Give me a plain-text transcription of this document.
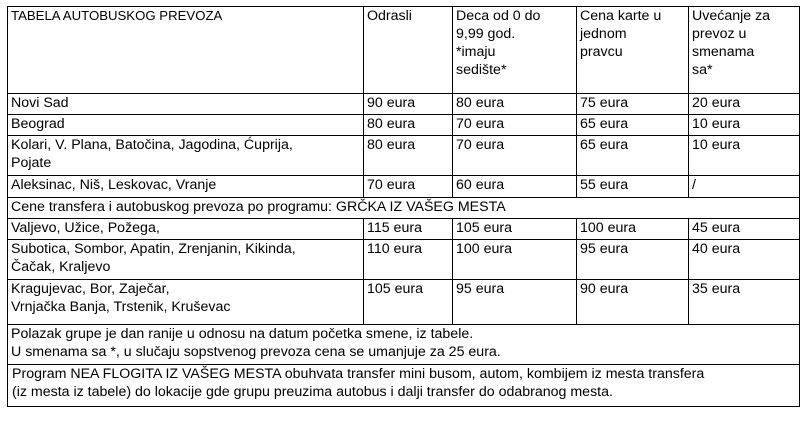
TABELA AUTOBUSKOG PREVOZA	Odrasli	Deca od 0 do
9,99 god.
*imaju
sedište*	Cena karte u
jednom
pravcu	Uvećanje za
prevoz u
smenama
sa*

Novi Sad	90 eura	80 eura	75 eura	20 eura

Beograd	80 eura	70 eura	65 eura	10 eura

Kolari, V. Plana, Batočina, Jagodina, Ćuprija,
Pojate	80 eura	70 eura	65 eura	10 eura

Aleksinac, Niš, Leskovac, Vranje	70 eura	60 eura	55 eura	/

Cene transfera i autobuskog prevoza po programu: GRČKA IZ VAŠEG MESTA				

Valjevo, Užice, Požega,	115 eura	105 eura	100 eura	45 eura

Subotica, Sombor, Apatin, Zrenjanin, Kikinda,
Čačak, Kraljevo	110 eura	100 eura	95 eura	40 eura

Kragujevac, Bor, Zaječar,
Vrnjačka Banja, Trstenik, Kruševac	105 eura	95 eura	90 eura	35 eura

Polazak grupe je dan ranije u odnosu na datum početka smene, iz tabele.
U smenama sa *, u slučaju sopstvenog prevoza cena se umanjuje za 25 eura.				

Program NEA FLOGITA IZ VAŠEG MESTA obuhvata transfer mini busom, autom, kombijem iz mesta transfera
(iz mesta iz tabele) do lokacije gde grupu preuzima autobus i dalji transfer do odabranog mesta.				
